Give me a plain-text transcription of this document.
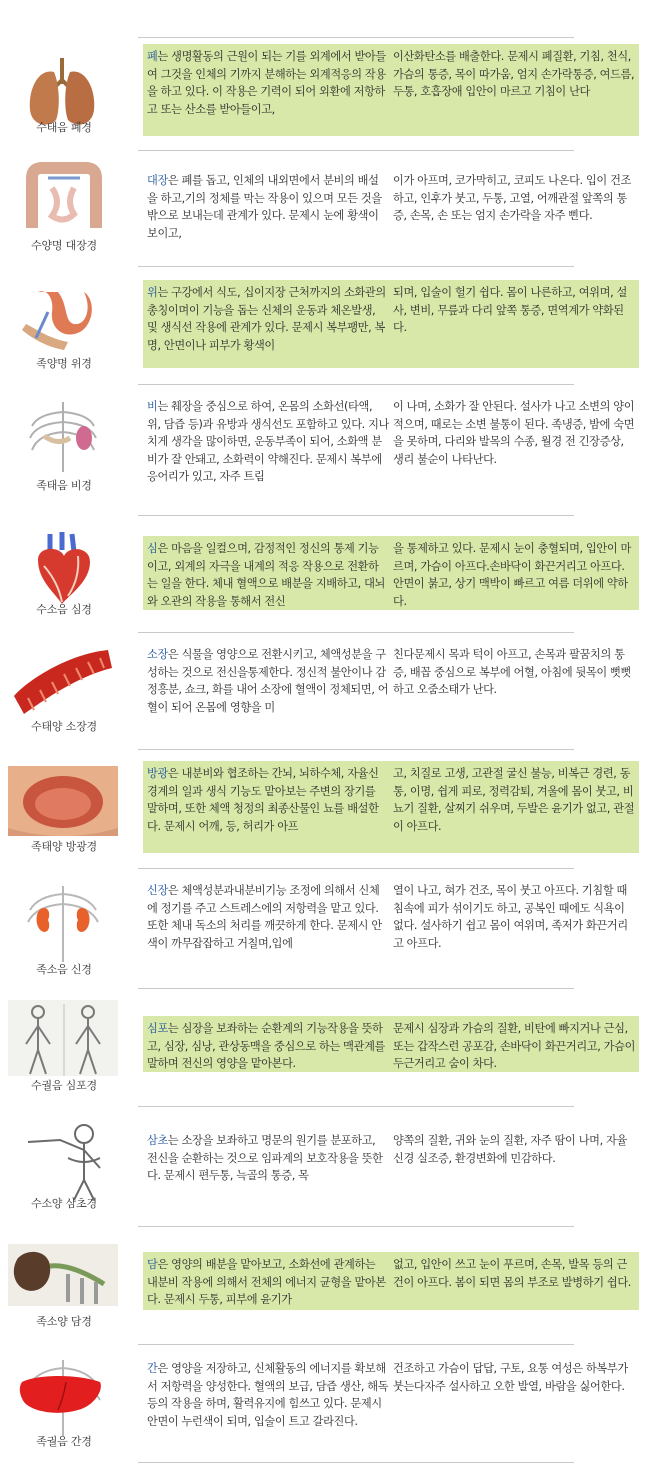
수태음 폐경
폐는 생명활동의 근원이 되는 기를 외계에서 받아들여 그것을 인체의 기까지 분해하는 외계적응의 작용을 하고 있다. 이 작용은 기력이 되어 외환에 저항하고 또는 산소를 받아들이고,
이산화탄소를 배출한다. 문제시 폐질환, 기침, 천식, 가슴의 통증, 목이 따가움, 엄지 손가락통증, 여드름, 두통, 호흡장애 입안이 마르고 기침이 난다
수양명 대장경
대장은 폐를 돕고, 인체의 내외면에서 분비의 배설을 하고,기의 정체를 막는 작용이 있으며 모든 것을 밖으로 보내는데 관계가 있다. 문제시 눈에 황색이 보이고,
이가 아프며, 코가막히고, 코피도 나온다. 입이 건조하고, 인후가 붓고, 두통, 고열, 어깨관절 앞쪽의 통증, 손목, 손 또는 엄지 손가락을 자주 삔다.
족양명 위경
위는 구강에서 식도, 십이지장 근처까지의 소화관의 총칭이며이 기능을 돕는 신체의 운동과 체온발생, 및 생식선 작용에 관계가 있다. 문제시 복부팽만, 복명, 안면이나 피부가 황색이
되며, 입술이 헐기 쉽다. 몸이 나른하고, 여위며, 설사, 변비, 무릎과 다리 앞쪽 통증, 면역계가 약화된다.
족태음 비경
비는 췌장을 중심으로 하여, 온몸의 소화선(타액, 위, 담즙 등)과 유방과 생식선도 포함하고 있다. 지나치게 생각을 많이하면, 운동부족이 되어, 소화액 분비가 잘 안돼고, 소화력이 약해진다. 문제시 복부에 응어리가 있고, 자주 트림
이 나며, 소화가 잘 안된다. 설사가 나고 소변의 양이 적으며, 때로는 소변 불통이 된다. 족냉증, 밤에 숙면을 못하며, 다리와 발목의 수종, 월경 전 긴장증상, 생리 불순이 나타난다.
수소음 심경
심은 마음을 일컬으며, 감정적인 정신의 통제 기능이고, 외계의 자극을 내계의 적응 작용으로 전환하는 일을 한다. 체내 혈액으로 배분을 지배하고, 대뇌와 오관의 작용을 통해서 전신
을 통제하고 있다. 문제시 눈이 충혈되며, 입안이 마르며, 가슴이 아프다.손바닥이 화끈거리고 아프다. 안면이 붉고, 상기 맥박이 빠르고 여름 더위에 약하다.
수태양 소장경
소장은 식물을 영양으로 전환시키고, 체액성분을 구성하는 것으로 전신을통제한다. 정신적 불안이나 감정흥분, 쇼크, 화를 내어 소장에 혈액이 정체되면, 어혈이 되어 온몸에 영향을 미
친다문제시 목과 턱이 아프고, 손목과 팔꿈치의 통증, 배꼽 중심으로 복부에 어혈, 아침에 뒷목이 뻣뻣하고 오줌소태가 난다.
족태양 방광경
방광은 내분비와 협조하는 간뇌, 뇌하수체, 자율신경계의 일과 생식 기능도 맡아보는 주변의 장기를 말하며, 또한 체액 청정의 최종산물인 뇨를 배설한다. 문제시 어깨, 등, 허리가 아프
고, 치질로 고생, 고관절 굴신 불능, 비복근 경련, 동통, 이명, 쉽게 피로, 정력감퇴, 겨울에 몸이 붓고, 비뇨기 질환, 살찌기 쉬우며, 두발은 윤기가 없고, 관절이 아프다.
족소음 신경
신장은 체액성분과내분비기능 조정에 의해서 신체에 정기를 주고 스트레스에의 저항력을 맡고 있다. 또한 체내 독소의 처리를 깨끗하게 한다. 문제시 안색이 까무잡잡하고 거칠며,입에
열이 나고, 혀가 건조, 목이 붓고 아프다. 기침할 때 침속에 피가 섞이기도 하고, 공복인 때에도 식욕이 없다. 설사하기 쉽고 몸이 여위며, 족저가 화끈거리고 아프다.
수궐음 심포경
심포는 심장을 보좌하는 순환계의 기능작용을 뜻하고, 심장, 심낭, 관상동맥을 중심으로 하는 맥관계를 말하며 전신의 영양을 맡아본다.
문제시 심장과 가슴의 질환, 비탄에 빠지거나 근심, 또는 갑작스런 공포감, 손바닥이 화끈거리고, 가슴이 두근거리고 숨이 차다.
수소양 삼초경
삼초는 소장을 보좌하고 명문의 원기를 분포하고, 전신을 순환하는 것으로 임파계의 보호작용을 뜻한다. 문제시 편두통, 늑골의 통증, 목
양쪽의 질환, 귀와 눈의 질환, 자주 땀이 나며, 자율신경 실조증, 환경변화에 민감하다.
족소양 담경
담은 영양의 배분을 맡아보고, 소화선에 관계하는 내분비 작용에 의해서 전체의 에너지 균형을 맡아본다. 문제시 두통, 피부에 윤기가
없고, 입안이 쓰고 눈이 푸르며, 손목, 발목 등의 근건이 아프다. 봄이 되면 몸의 부조로 발병하기 쉽다.
족궐음 간경
간은 영양을 저장하고, 신체활동의 에너지를 확보해서 저항력을 양성한다. 혈액의 보급, 담즙 생산, 해독 등의 작용을 하며, 활력유지에 힘쓰고 있다. 문제시 안면이 누런색이 되며, 입술이 트고 갈라진다.
건조하고 가슴이 답답, 구토, 요통 여성은 하복부가 붓는다자주 설사하고 오한 발열, 바람을 싫어한다.
